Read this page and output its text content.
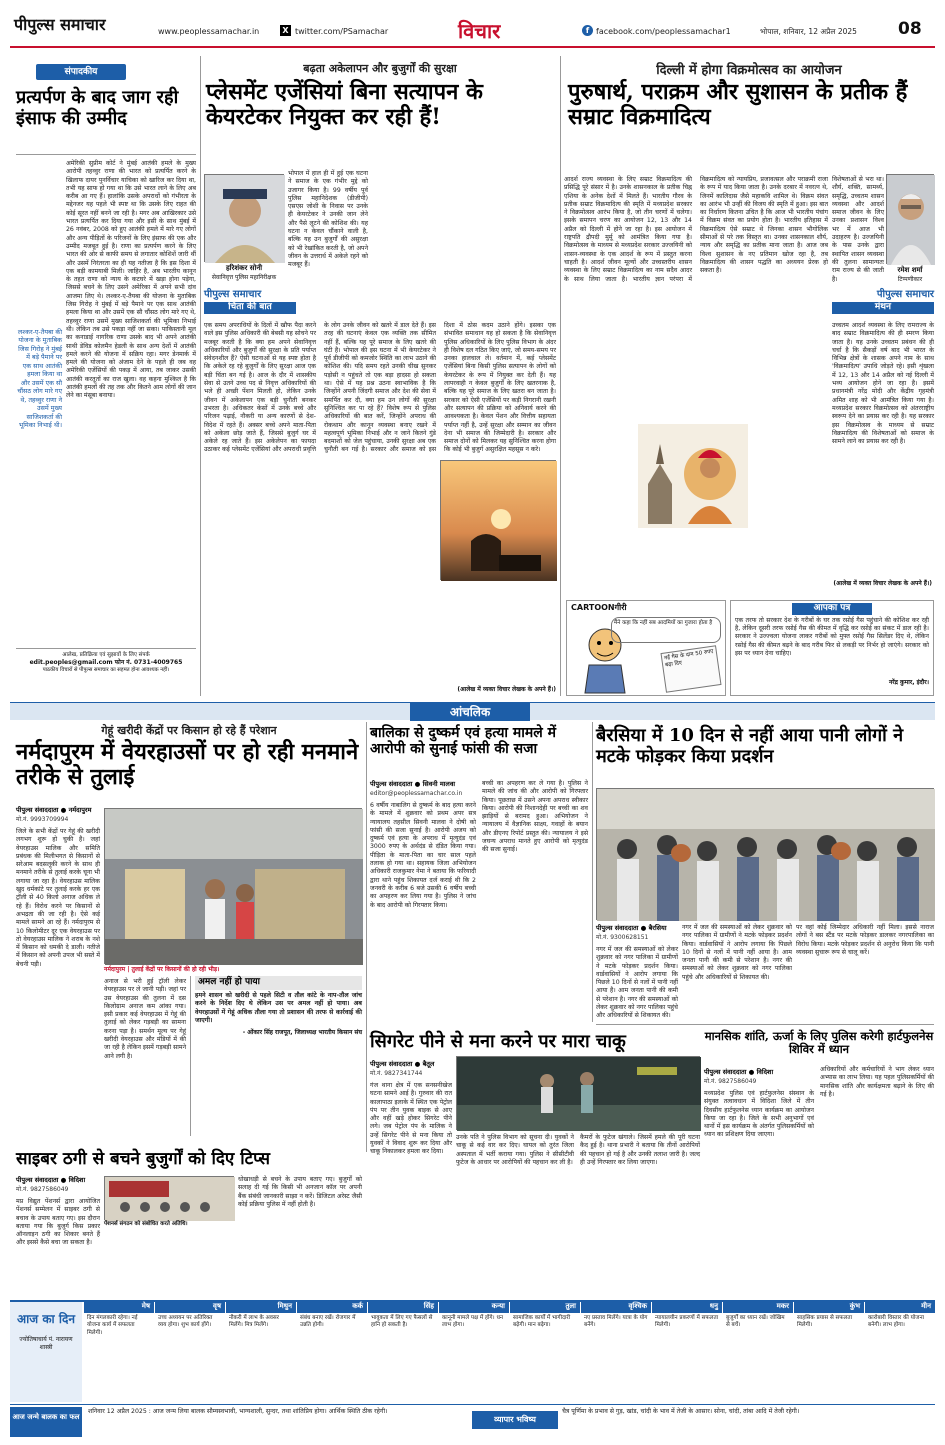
पीपुल्स समाचार	www.peoplessamachar.in	X twitter.com/PSamachar	विचार	f facebook.com/peoplessamachar1	भोपाल, शनिवार, 12 अप्रैल 2025 08
संपादकीय
प्रत्यर्पण के बाद जाग रही इंसाफ की उम्मीद
अमेरिकी सुप्रीम कोर्ट ने मुंबई आतंकी हमले के मुख्य आरोपी तहव्वुर राणा की भारत को प्रत्यर्पित करने के खिलाफ दायर पुनर्विचार याचिका को खारिज कर दिया था, तभी यह साफ हो गया था कि उसे भारत लाने के लिए अब करीब आ गए हैं। हालांकि उसके अपराधों को गंभीरता के मद्देनजर यह पहले भी स्पष्ट था कि उसके लिए राहत की कोई सूरत नहीं बनने जा रही है। मगर अब आखिरकार उसे भारत प्रत्यर्पित कर दिया गया और इसी के साथ मुंबई में 26 नवंबर, 2008 को हुए आतंकी हमले में मारे गए लोगों और अन्य पीड़ितों के परिजनों के लिए इंसाफ की एक और उम्मीद मजबूत हुई है। राणा का प्रत्यर्पण करने के लिए भारत की ओर से काफी समय से लगातार कोशिशें जारी थीं और उसमें निरंतरता का ही यह नतीजा है कि इस दिशा में एक बड़ी कामयाबी मिली। जाहिर है, अब भारतीय कानून के तहत राणा को न्याय के कटघरे में खड़ा होना पड़ेगा, जिससे बचने के लिए उसने अमेरिका में अपने सभी दांव आजमा लिए थे। लश्कर-ए-तैयबा की योजना के मुताबिक जिस गिरोह ने मुंबई में बड़े पैमाने पर एक साथ आतंकी हमला किया था और उसमें एक सौ चौंसठ लोग मारे गए थे, तहव्वुर राणा उसमें मुख्य साजिशकर्ता की भूमिका निभाई थी। लेकिन तब उसे पकड़ा नहीं जा सका। पाकिस्तानी मूल का कनाडाई नागरिक राणा उसके बाद भी अपने आतंकी साथी डेविड कोलमैन हेडली के साथ अन्य देशों में आतंकी हमले करने की योजना में सक्रिय रहा। मगर डेनमार्क में हमले की योजना को अंजाम देने के पहले ही जब वह अमेरिकी एजेंसियों की पकड़ में आया, तब जाकर उसकी आतंकी करतूतों का राज खुला। वह कहना मुश्किल है कि आतंकी हमलों की तह तक और कितने आम लोगों की जान लेने का मंसूबा बनाया।
लश्कर-ए-तैयबा की योजना के मुताबिक जिस गिरोह ने मुंबई में बड़े पैमाने पर एक साथ आतंकी हमला किया था और उसमें एक सौ चौंसठ लोग मारे गए थे, तहव्वुर राणा ने उसमें मुख्य साजिशकर्ता की भूमिका निभाई थी।
आलेख, प्रतिक्रिया एवं सुझावों के लिए संपर्क
edit.peoples@gmail.com फोन नं. 0731-4009765
पाठकीय विचारों से पीपुल्स समाचार का सहमत होना आवश्यक नहीं।
बढ़ता अकेलापन और बुजुर्गों की सुरक्षा
प्लेसमेंट एजेंसियां बिना सत्यापन के केयरटेकर नियुक्त कर रही हैं!
हरिशंकर सोनी
सेवानिवृत्त पुलिस महानिरीक्षक
भोपाल में हाल ही में हुई एक घटना ने समाज के एक गंभीर मुद्दे को उजागर किया है। 99 वर्षीय पूर्व पुलिस महानिदेशक (डीजीपी) एसएस जोशी के निवास पर उनके ही केयरटेकर ने उनकी जान लेने और पैसे लूटने की कोशिश की। यह घटना न केवल चौंकाने वाली है, बल्कि यह उन बुजुर्गों की असुरक्षा को भी रेखांकित करती है, जो अपने जीवन के उत्तरार्ध में अकेले रहने को मजबूर हैं।
पीपुल्स समाचार
चिंता की बात
एक समय अपराधियों के दिलों में खौफ पैदा करने वाले इस पुलिस अधिकारी की बेबसी यह सोचने पर मजबूर करती है कि क्या हम अपने सेवानिवृत्त अधिकारियों और बुजुर्गों की सुरक्षा के प्रति पर्याप्त संवेदनशील हैं? ऐसी घटनाओं से यह स्पष्ट होता है कि अकेले रह रहे बुजुर्गों के लिए सुरक्षा आज एक बड़ी चिंता बन गई है। आज के दौर में शासकीय सेवा से उतने उच्च पद से निवृत्त अधिकारियों की भले ही अच्छी पेंशन मिलती हो, लेकिन उनके जीवन में अकेलापन एक बड़ी चुनौती बनकर उभरता है। अधिकतर केसों में उनके बच्चे और परिजन पढ़ाई, नौकरी या अन्य कारणों से देश-विदेश में रहते हैं। अक्सर बच्चे अपने माता-पिता को अकेला छोड़ जाते हैं, जिससे बुजुर्ग घर में अकेले रह जाते हैं। इस अकेलेपन का फायदा उठाकर कई प्लेसमेंट एजेंसियां और अपराधी प्रवृत्ति के लोग उनके जीवन को खतरे में डाल देते हैं। इस तरह की घटनाएं केवल एक व्यक्ति तक सीमित नहीं हैं, बल्कि यह पूरे समाज के लिए खतरे की घंटी है। भोपाल की इस घटना में भी केयरटेकर ने पूर्व डीजीपी को कमजोर स्थिति का लाभ उठाने की कोशिश की। यदि समय रहते उनकी चीख सुनकर पड़ोसी न पहुंचते तो एक बड़ा हादसा हो सकता था। ऐसे में यह प्रश्न उठना स्वाभाविक है कि जिन्होंने अपनी जिंदगी समाज और देश की सेवा में समर्पित कर दी, क्या हम उन लोगों की सुरक्षा सुनिश्चित कर पा रहे हैं? विशेष रूप से पुलिस अधिकारियों की बात करें, जिन्होंने अपराध की रोकथाम और कानून व्यवस्था बनाए रखने में महत्वपूर्ण भूमिका निभाई और न जाने कितने गुंडे बदमाशों को जेल पहुंचाया, उनकी सुरक्षा अब एक चुनौती बन गई है। सरकार और समाज को इस दिशा में ठोस कदम उठाने होंगे। इसका एक संभावित समाधान यह हो सकता है कि सेवानिवृत्त पुलिस अधिकारियों के लिए पुलिस विभाग के अंदर ही विशेष दल गठित किए जाएं, जो समय-समय पर उनका हालचाल ले। वर्तमान में, कई प्लेसमेंट एजेंसियां बिना किसी पुलिस सत्यापन के लोगों को केयरटेकर के रूप में नियुक्त कर देती हैं। यह लापरवाही न केवल बुजुर्गों के लिए खतरनाक है, बल्कि यह पूरे समाज के लिए खतरा बन जाता है। सरकार को ऐसी एजेंसियों पर कड़ी निगरानी रखनी और सत्यापन की प्रक्रिया को अनिवार्य करने की आवश्यकता है। केवल पेंशन और वित्तीय सहायता पर्याप्त नहीं है, उन्हें सुरक्षा और सम्मान का जीवन देना भी समाज की जिम्मेदारी है। सरकार और समाज दोनों को मिलकर यह सुनिश्चित करना होगा कि कोई भी बुजुर्ग असुरक्षित महसूस न करे।
(आलेख में व्यक्त विचार लेखक के अपने हैं।)
दिल्ली में होगा विक्रमोत्सव का आयोजन
पुरुषार्थ, पराक्रम और सुशासन के प्रतीक हैं सम्राट विक्रमादित्य
आदर्श राज्य व्यवस्था के लिए सम्राट विक्रमादित्य की प्रसिद्धि पूरे संसार में है। उनके शासनकाल के प्रतीक चिह्न एशिया के अनेक देशों में मिलते हैं। भारतीय गौरव के प्रतीक सम्राट विक्रमादित्य की स्मृति में मध्यप्रदेश सरकार ने विक्रमोत्सव आरंभ किया है, जो तीन चरणों में चलेगा। इसके समापन चरण का आयोजन 12, 13 और 14 अप्रैल को दिल्ली में होने जा रहा है। इस आयोजन में राष्ट्रपति द्रौपदी मुर्मू को आमंत्रित किया गया है। विक्रमोत्सव के माध्यम से मध्यप्रदेश सरकार उज्जयिनी को शासन-व्यवस्था के एक आदर्श के रूप में प्रस्तुत करना चाहती है। आदर्श जीवन मूल्यों और उच्चस्तरीय शासन व्यवस्था के लिए सम्राट विक्रमादित्य का नाम सदैव आदर के साथ लिया जाता है। भारतीय ज्ञान परंपरा में विक्रमादित्य को न्यायप्रिय, प्रजावत्सल और पराक्रमी राजा के रूप में याद किया जाता है। उनके दरबार में नवरत्न थे, जिनमें कालिदास जैसे महाकवि शामिल थे। विक्रम संवत का आरंभ भी उन्हीं की विजय की स्मृति में हुआ। इस बात का निर्धारण कितना उचित है कि आज भी भारतीय पंचांग में विक्रम संवत का प्रयोग होता है। भारतीय इतिहास में विक्रमादित्य ऐसे सम्राट थे जिनका शासन भौगोलिक सीमाओं से परे तक विस्तृत था। उनका शासनकाल शौर्य, न्याय और समृद्धि का प्रतीक माना जाता है। आज जब विश्व सुशासन के नए प्रतिमान खोज रहा है, तब विक्रमादित्य की शासन पद्धति का अध्ययन प्रेरक हो सकता है।
विशेषताओं से भरा था। शौर्य, शक्ति, सामर्थ्य, समृद्धि, उच्चतम शासन व्यवस्था और आदर्श समाज जीवन के लिए उनका प्रशासन विश्व भर में आज भी उदाहरण है। उज्जयिनी के पास उनके द्वारा स्थापित शासन व्यवस्था की तुलना सामान्यतः राम राज्य से की जाती है।
रमेश शर्मा
टिप्पणीकार
पीपुल्स समाचार
मंथन
उच्चतम आदर्श व्यवस्था के लिए रामराज्य के बाद सम्राट विक्रमादित्य की ही स्मरण किया जाता है। यह उनके उच्चतम प्रबंधन की ही चर्चा है कि सैकड़ों वर्ष बाद भी भारत के विभिन्न क्षेत्रों के शासक अपने नाम के साथ 'विक्रमादित्य' उपाधि जोड़ते रहे। इसी शृंखला में 12, 13 और 14 अप्रैल को नई दिल्ली में भव्य आयोजन होने जा रहा है। इसमें प्रधानमंत्री नरेंद्र मोदी और केंद्रीय गृहमंत्री अमित शाह को भी आमंत्रित किया गया है। मध्यप्रदेश सरकार विक्रमोत्सव को अंतरराष्ट्रीय स्वरूप देने का प्रयास कर रही है। यह सरकार इस विक्रमोत्सव के माध्यम से सम्राट विक्रमादित्य की विशेषताओं को समाज के सामने लाने का प्रयास कर रही है।
(आलेख में व्यक्त विचार लेखक के अपने हैं।)
CARTOONगीरी
मैंने कहा कि नहीं सब आदमियों का गुजारा होता है
नई गैस के दाम 50 रुपए बढ़ा दिए
आपका पत्र
एक तरफ तो सरकार देश के गरीबों के घर तक रसोई गैस पहुंचाने की कोशिश कर रही है, लेकिन दूसरी तरफ रसोई गैस की कीमत में वृद्धि कर रसोई का संकट में डाल रही है। सरकार ने उज्ज्वला योजना लाकर गरीबों को मुफ्त रसोई गैस सिलेंडर दिए थे, लेकिन रसोई गैस की कीमत बढ़ने के बाद गरीब फिर से लकड़ी पर निर्भर हो जाएंगे। सरकार को इस पर ध्यान देना चाहिए।
नरेंद्र कुमार, इंदौर।
आंचलिक
गेहूं खरीदी केंद्रों पर किसान हो रहे हैं परेशान
नर्मदापुरम में वेयरहाउसों पर हो रही मनमाने तरीके से तुलाई
पीपुल्स संवाददाता ● नर्मदापुरम
मो.नं. 9993709994
जिले के सभी केंद्रों पर गेहूं की खरीदी लगभग शुरू हो चुकी है। जहां वेयरहाउस मालिक और समिति प्रबंधक की मिलीभगत से किसानों से सरेआम बदसलूकी करने के साथ ही मनमाने तरीके से तुलाई करके चूना भी लगाया जा रहा है। वेयरहाउस मालिक खुद धर्मकांटे पर तुलाई करके हर एक ट्रॉली से 40 किलो अनाज अधिक ले रहे हैं। विरोध करने पर किसानों से अभद्रता की जा रही है। ऐसे कई मामले सामने आ रहे हैं। नर्मदापुरम से 10 किलोमीटर दूर एक वेयरहाउस पर तो वेयरहाउस मालिक ने शराब के नशे में किसान को धमकी दे डाली। नतीजे में किसान को अपनी उपज भी सस्ते में बेचनी पड़ी।
नर्मदापुरम | तुलाई केंद्रों पर किसानों की हो रही भीड़।
अनाज से भरी हुई ट्रॉली लेकर वेयरहाउस पर ले जानी पड़ी। जहां पर उस वेयरहाउस की तुलना में दस किलोग्राम अनाज कम आंका गया। इसी प्रकार कई वेयरहाउस में गेहूं की तुलाई को लेकर गड़बड़ी का सामना करना पड़ा है। समर्थन मूल्य पर गेहूं खरीदी वेयरहाउस और मंडियों में की जा रही है लेकिन इसमें गड़बड़ी सामने आने लगी है।
अमल नहीं हो पाया
हमने शासन को खरीदी से पहले सिटी व तौल कांटे के नाप-तौल जांच करने के निर्देश दिए थे लेकिन उस पर अमल नहीं हो पाया। अब वेयरहाउसों में गेहूं अधिक तौला गया तो प्रशासन की तरफ से कार्रवाई की जाएगी।
- ओंकार सिंह राजपूत, जिलाध्यक्ष भारतीय किसान संघ
बालिका से दुष्कर्म एवं हत्या मामले में आरोपी को सुनाई फांसी की सजा
पीपुल्स संवाददाता ● सिवनी मालवा
editor@peoplessamachar.co.in
6 वर्षीय नाबालिग से दुष्कर्म के बाद हत्या करने के मामले में शुक्रवार को प्रथम अपर सत्र न्यायालय तहसील सिवनी मालवा ने दोषी को फांसी की सजा सुनाई है। आरोपी अजय को दुष्कर्म एवं हत्या के अपराध में मृत्युदंड एवं 3000 रुपए के अर्थदंड से दंडित किया गया। पीड़िता के माता-पिता का चार साल पहले तलाक हो गया था। सहायक जिला अभियोजन अधिकारी राजकुमार नेमा ने बताया कि फरियादी द्वारा थाने पहुंच शिकायत दर्ज कराई थी कि 2 जनवरी के करीब 6 बजे उसकी 6 वर्षीय बच्ची का अपहरण कर लिया गया है। पुलिस ने जांच के बाद आरोपी को गिरफ्तार किया।
बच्ची का अपहरण कर ले गया है। पुलिस ने मामले की जांच की और आरोपी को गिरफ्तार किया। पूछताछ में उसने अपना अपराध स्वीकार किया। आरोपी की निशानदेही पर बच्ची का शव झाड़ियों से बरामद हुआ। अभियोजन ने न्यायालय में वैज्ञानिक साक्ष्य, गवाहों के बयान और डीएनए रिपोर्ट प्रस्तुत की। न्यायालय ने इसे जघन्य अपराध मानते हुए आरोपी को मृत्युदंड की सजा सुनाई।
बैरसिया में 10 दिन से नहीं आया पानी लोगों ने मटके फोड़कर किया प्रदर्शन
पीपुल्स संवाददाता ● बैरसिया
मो.नं. 9300628151
नगर में जल की समस्याओं को लेकर शुक्रवार को नगर पालिका में ग्रामीणों ने मटके फोड़कर प्रदर्शन किया। वार्डवासियों ने आरोप लगाया कि पिछले 10 दिनों से नलों में पानी नहीं आया है। आम जनता पानी की कमी से परेशान है। नगर की समस्याओं को लेकर शुक्रवार को नगर पालिका पहुंचे और अधिकारियों से शिकायत की।
नगर में जल की समस्याओं को लेकर शुक्रवार को नगर पालिका में ग्रामीणों ने मटके फोड़कर प्रदर्शन किया। वार्डवासियों ने आरोप लगाया कि पिछले 10 दिनों से नलों में पानी नहीं आया है। आम जनता पानी की कमी से परेशान है। नगर की समस्याओं को लेकर शुक्रवार को नगर पालिका पहुंचे और अधिकारियों से शिकायत की।
पर वहां कोई जिम्मेदार अधिकारी नहीं मिला। इससे नाराज लोगों ने बस स्टैंड पर मटके फोड़कर डालकर नगरपालिका का विरोध किया। मटके फोड़कर प्रदर्शन से अनुरोध किया कि पानी व्यवस्था सुचारू रूप से चालू करें।
सिगरेट पीने से मना करने पर मारा चाकू
पीपुल्स संवाददाता ● बैतूल
मो.नं. 9827341744
गंज थाना क्षेत्र में एक सनसनीखेज घटना सामने आई है। गुरुवार की रात कालापाठा इलाके में स्थित एक पेट्रोल पंप पर तीन युवक बाइक से आए और वहीं खड़े होकर सिगरेट पीने लगे। जब पेट्रोल पंप के मालिक ने उन्हें सिगरेट पीने से मना किया तो युवकों ने विवाद शुरू कर दिया और चाकू निकालकर हमला कर दिया।
उनके पति ने पुलिस विभाग को सूचना दी। युवकों ने चाकू से कई वार कर दिए। घायल को तुरंत जिला अस्पताल में भर्ती कराया गया। पुलिस ने सीसीटीवी फुटेज के आधार पर आरोपियों की पहचान कर ली है।
कैमरों के फुटेज खंगाले। जिसमें हमले की पूरी घटना कैद हुई है। थाना प्रभारी ने बताया कि तीनों आरोपियों की पहचान हो गई है और उनकी तलाश जारी है। जल्द ही उन्हें गिरफ्तार कर लिया जाएगा।
मानसिक शांति, ऊर्जा के लिए पुलिस करेगी हार्टफुलनेस शिविर में ध्यान
पीपुल्स संवाददाता ● विदिशा
मो.नं. 9827586049
मध्यप्रदेश पुलिस एवं हार्टफुलनेस संस्थान के संयुक्त तत्वावधान में विदिशा जिले में तीन दिवसीय हार्टफुलनेस ध्यान कार्यक्रम का आयोजन किया जा रहा है। जिले के सभी अनुभागों एवं थानों में इस कार्यक्रम के अंतर्गत पुलिसकर्मियों को ध्यान का प्रशिक्षण दिया जाएगा।
अधिकारियों और कर्मचारियों ने भाग लेकर ध्यान अभ्यास का लाभ लिया। यह पहल पुलिसकर्मियों की मानसिक शांति और कार्यक्षमता बढ़ाने के लिए की गई है।
साइबर ठगी से बचने बुजुर्गों को दिए टिप्स
पीपुल्स संवाददाता ● विदिशा
मो.नं. 9827586049
मप्र विद्युत पेंशनर्स द्वारा आयोजित पेंशनर्स सम्मेलन में साइबर ठगी से बचाव के उपाय बताए गए। इस दौरान बताया गया कि बुजुर्ग किस प्रकार ऑनलाइन ठगी का शिकार बनते हैं और इससे कैसे बचा जा सकता है।
पेंशनर्स संगठन को संबोधित करते अतिथि।
धोखाधड़ी से बचने के उपाय बताए गए। बुजुर्गों को सलाह दी गई कि किसी भी अनजान कॉल पर अपनी बैंक संबंधी जानकारी साझा न करें। डिजिटल अरेस्ट जैसी कोई प्रक्रिया पुलिस में नहीं होती है।
आज का दिन
ज्योतिषाचार्य पं. नारायण शास्त्री
मेष
दिन मंगलकारी रहेगा। नई योजना कार्य में सफलता मिलेगी।
वृष
उच्च अध्ययन पर अतिरिक्त व्यय होगा। शुभ कार्य होंगे।
मिथुन
नौकरी में लाभ के अवसर मिलेंगे। मित्र मिलेंगे।
कर्क
संबंध बनाए रखें। रोजगार में उन्नति होगी।
सिंह
भावुकता में लिए गए फैसलों से हानि हो सकती है।
कन्या
कानूनी मामले पक्ष में होंगे। धन लाभ होगा।
तुला
सामाजिक कार्यों में भागीदारी बढ़ेगी। मान बढ़ेगा।
वृश्चिक
नए प्रस्ताव मिलेंगे। यात्रा के योग बनेंगे।
धनु
न्यायालयीन प्रकरणों में सफलता मिलेगी।
मकर
बुजुर्गों का ध्यान रखें। जोखिम से बचें।
कुंभ
साहसिक प्रयास से सफलता मिलेगी।
मीन
कारोबारी विस्तार की योजना बनेगी। लाभ होगा।
आज जन्मे बालक का फल
शनिवार 12 अप्रैल 2025 : आज जन्म लिया बालक सौम्यस्वभावी, भाग्यशाली, सुन्दर, तथा शांतिप्रिय होगा। आर्थिक स्थिति ठीक रहेगी।
व्यापार भविष्य
चैत्र पूर्णिमा के प्रभाव से गुड़, खांड, चांदी के भाव में तेजी के आसार। सोना, चांदी, तांबा आदि में तेजी रहेगी।
